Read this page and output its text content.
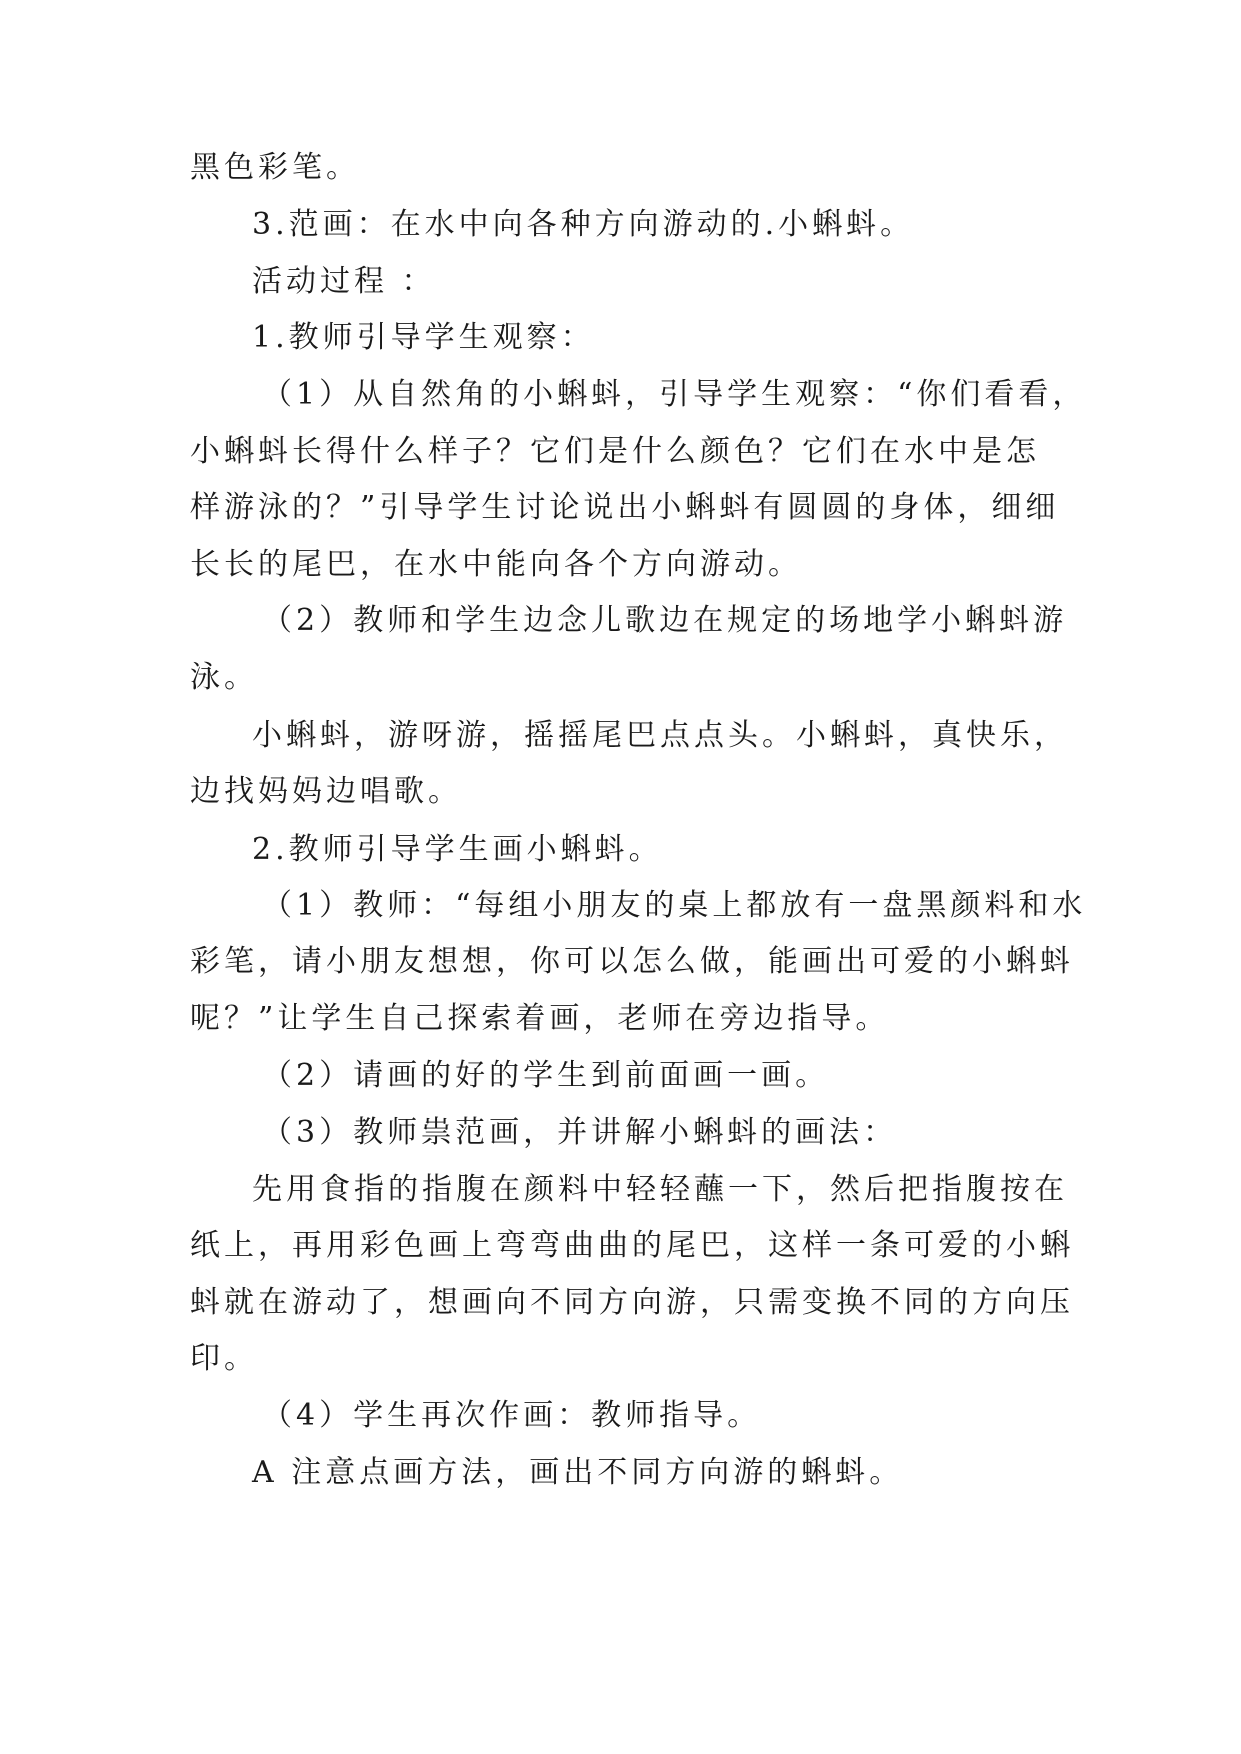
黑色彩笔。
3.范画：在水中向各种方向游动的.小蝌蚪。
活动过程 ：
1.教师引导学生观察：
（1）从自然角的小蝌蚪，引导学生观察：“你们看看，
小蝌蚪长得什么样子？它们是什么颜色？它们在水中是怎
样游泳的？”引导学生讨论说出小蝌蚪有圆圆的身体，细细
长长的尾巴，在水中能向各个方向游动。
（2）教师和学生边念儿歌边在规定的场地学小蝌蚪游
泳。
小蝌蚪，游呀游，摇摇尾巴点点头。小蝌蚪，真快乐，
边找妈妈边唱歌。
2.教师引导学生画小蝌蚪。
（1）教师：“每组小朋友的桌上都放有一盘黑颜料和水
彩笔，请小朋友想想，你可以怎么做，能画出可爱的小蝌蚪
呢？”让学生自己探索着画，老师在旁边指导。
（2）请画的好的学生到前面画一画。
（3）教师祟范画，并讲解小蝌蚪的画法：
先用食指的指腹在颜料中轻轻蘸一下，然后把指腹按在
纸上，再用彩色画上弯弯曲曲的尾巴，这样一条可爱的小蝌
蚪就在游动了，想画向不同方向游，只需变换不同的方向压
印。
（4）学生再次作画：教师指导。
A 注意点画方法，画出不同方向游的蝌蚪。
